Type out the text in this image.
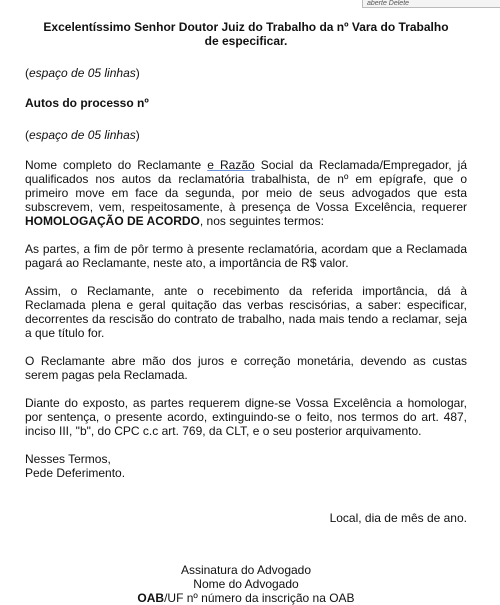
aberte Delete
Excelentíssimo Senhor Doutor Juiz do Trabalho da nº Vara do Trabalho
de especificar.

(espaço de 05 linhas)

Autos do processo nº

(espaço de 05 linhas)

Nome completo do Reclamante e Razão Social da Reclamada/Empregador, já qualificados nos autos da reclamatória trabalhista, de nº em epígrafe, que o primeiro move em face da segunda, por meio de seus advogados que esta subscrevem, vem, respeitosamente, à presença de Vossa Excelência, requerer HOMOLOGAÇÃO DE ACORDO, nos seguintes termos:

As partes, a fim de pôr termo à presente reclamatória, acordam que a Reclamada pagará ao Reclamante, neste ato, a importância de R$ valor.

Assim, o Reclamante, ante o recebimento da referida importância, dá à Reclamada plena e geral quitação das verbas rescisórias, a saber: especificar, decorrentes da rescisão do contrato de trabalho, nada mais tendo a reclamar, seja a que título for.

O Reclamante abre mão dos juros e correção monetária, devendo as custas serem pagas pela Reclamada.

Diante do exposto, as partes requerem digne-se Vossa Excelência a homologar, por sentença, o presente acordo, extinguindo-se o feito, nos termos do art. 487, inciso III, "b", do CPC c.c art. 769, da CLT, e o seu posterior arquivamento.

Nesses Termos,

Pede Deferimento.

Local, dia de mês de ano.

Assinatura do Advogado

Nome do Advogado

OAB/UF nº número da inscrição na OAB
